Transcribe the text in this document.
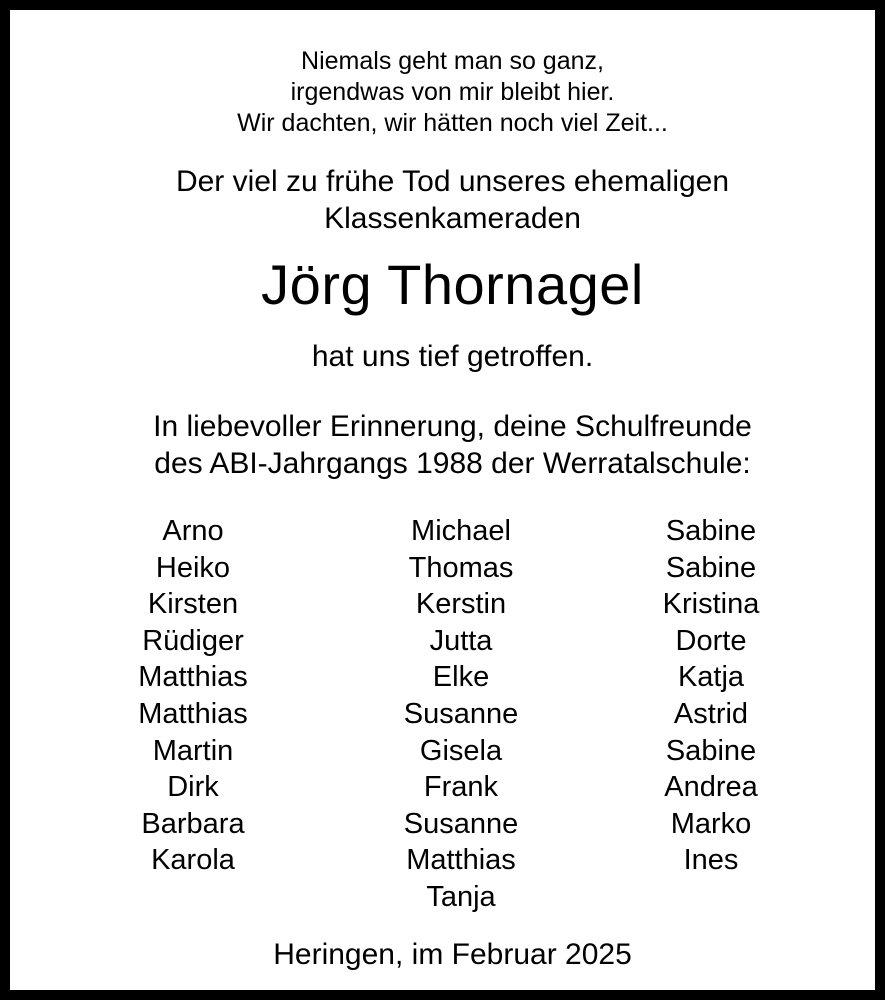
Niemals geht man so ganz,
irgendwas von mir bleibt hier.
Wir dachten, wir hätten noch viel Zeit...
Der viel zu frühe Tod unseres ehemaligen
Klassenkameraden
Jörg Thornagel
hat uns tief getroffen.
In liebevoller Erinnerung, deine Schulfreunde
des ABI-Jahrgangs 1988 der Werratalschule:
Arno
Heiko
Kirsten
Rüdiger
Matthias
Matthias
Martin
Dirk
Barbara
Karola
Michael
Thomas
Kerstin
Jutta
Elke
Susanne
Gisela
Frank
Susanne
Matthias
Tanja
Sabine
Sabine
Kristina
Dorte
Katja
Astrid
Sabine
Andrea
Marko
Ines
Heringen, im Februar 2025
